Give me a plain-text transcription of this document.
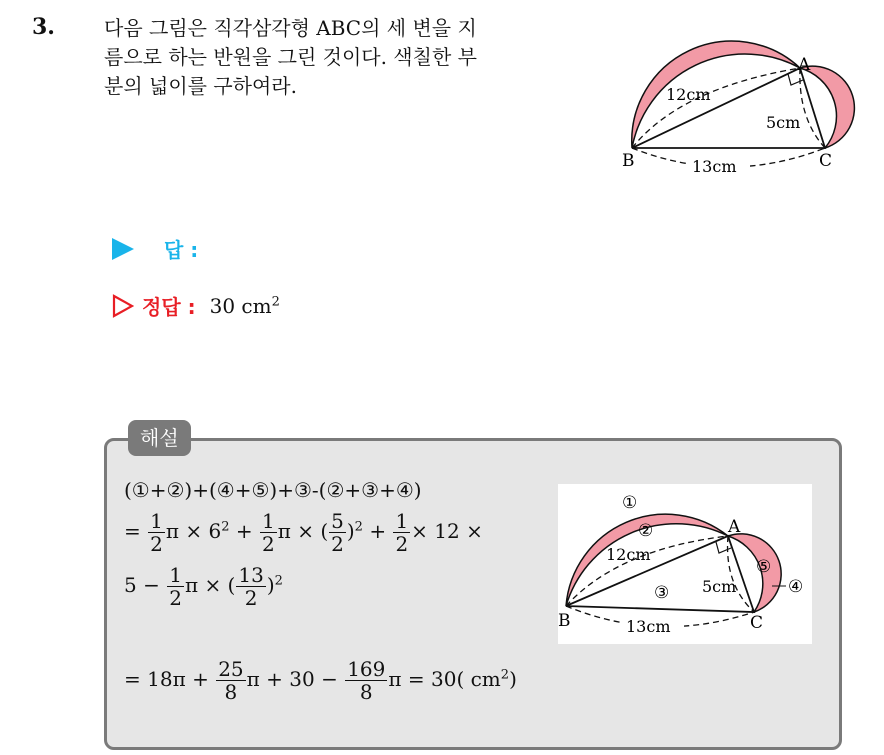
3. 다음 그림은 직각삼각형 ABC의 세 변을 지
름으로 하는 반원을 그린 것이다. 색칠한 부
분의 넓이를 구하여라.
A
B	C
12cm
5cm
13cm
답 :
정답 : 30 $cm^2$
해설
(①+②)+(④+⑤)+③-(②+③+④)
= $\frac{1}{2}$ $\pi \times 6^2 + \frac{1}{2}$ π × ( $\frac{5}{2} )^2 + \frac{1}{2} \times 12$ ×
$5 - \frac{1}{2}$ π × ( $\frac{13}{2} )^2$
= $18\pi + \frac{25}{8}$ $\pi + 30 - \frac{169}{8}$ π = 30( $cm^2$)
A
B	C
12cm
5cm
13cm
①
②
③	④
⑤
